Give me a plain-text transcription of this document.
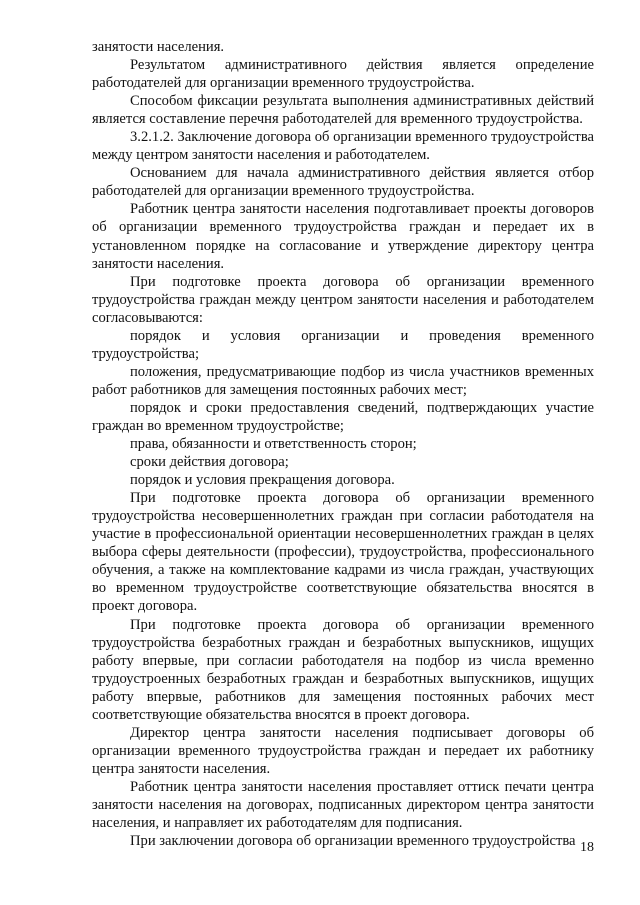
занятости населения.

Результатом административного действия является определение работодателей для организации временного трудоустройства.

Способом фиксации результата выполнения административных действий является составление перечня работодателей для временного трудоустройства.

3.2.1.2. Заключение договора об организации временного трудоустройства между центром занятости населения и работодателем.

Основанием для начала административного действия является отбор работодателей для организации временного трудоустройства.

Работник центра занятости населения подготавливает проекты договоров об организации временного трудоустройства граждан и передает их в установленном порядке на согласование и утверждение директору центра занятости населения.

При подготовке проекта договора об организации временного трудоустройства граждан между центром занятости населения и работодателем согласовываются:

порядок и условия организации и проведения временного трудоустройства;

положения, предусматривающие подбор из числа участников временных работ работников для замещения постоянных рабочих мест;

порядок и сроки предоставления сведений, подтверждающих участие граждан во временном трудоустройстве;

права, обязанности и ответственность сторон;

сроки действия договора;

порядок и условия прекращения договора.

При подготовке проекта договора об организации временного трудоустройства несовершеннолетних граждан при согласии работодателя на участие в профессиональной ориентации несовершеннолетних граждан в целях выбора сферы деятельности (профессии), трудоустройства, профессионального обучения, а также на комплектование кадрами из числа граждан, участвующих во временном трудоустройстве соответствующие обязательства вносятся в проект договора.

При подготовке проекта договора об организации временного трудоустройства безработных граждан и безработных выпускников, ищущих работу впервые, при согласии работодателя на подбор из числа временно трудоустроенных безработных граждан и безработных выпускников, ищущих работу впервые, работников для замещения постоянных рабочих мест соответствующие обязательства вносятся в проект договора.

Директор центра занятости населения подписывает договоры об организации временного трудоустройства граждан и передает их работнику центра занятости населения.

Работник центра занятости населения проставляет оттиск печати центра занятости населения на договорах, подписанных директором центра занятости населения, и направляет их работодателям для подписания.

При заключении договора об организации временного трудоустройства 18
